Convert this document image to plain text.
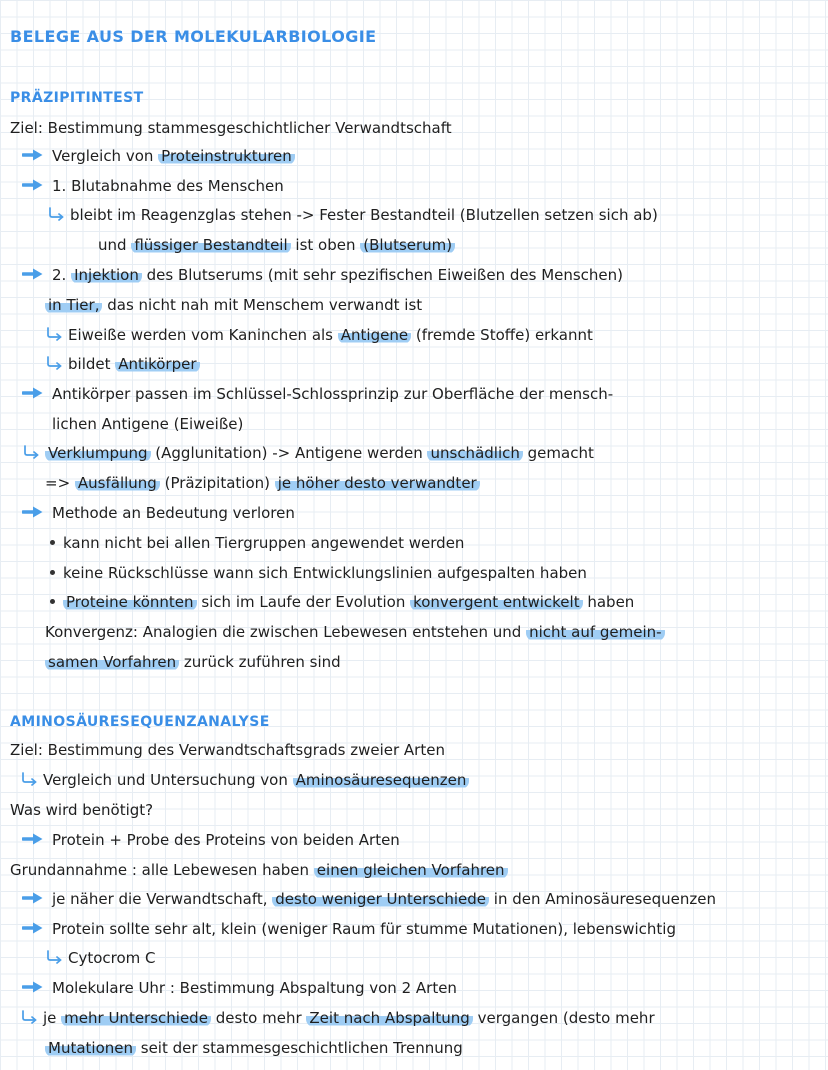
BELEGE AUS DER MOLEKULARBIOLOGIE
PRÄZIPITINTEST
Ziel: Bestimmung stammesgeschichtlicher Verwandtschaft
Vergleich von Proteinstrukturen
1. Blutabnahme des Menschen
bleibt im Reagenzglas stehen -> Fester Bestandteil (Blutzellen setzen sich ab)
und flüssiger Bestandteil ist oben (Blutserum)
2. Injektion des Blutserums (mit sehr spezifischen Eiweißen des Menschen)
in Tier, das nicht nah mit Menschem verwandt ist
Eiweiße werden vom Kaninchen als Antigene (fremde Stoffe) erkannt
bildet Antikörper
Antikörper passen im Schlüssel-Schlossprinzip zur Oberfläche der mensch-
lichen Antigene (Eiweiße)
Verklumpung (Agglunitation) -> Antigene werden unschädlich gemacht
=> Ausfällung (Präzipitation) je höher desto verwandter
Methode an Bedeutung verloren
kann nicht bei allen Tiergruppen angewendet werden
keine Rückschlüsse wann sich Entwicklungslinien aufgespalten haben
Proteine könnten sich im Laufe der Evolution konvergent entwickelt haben
Konvergenz: Analogien die zwischen Lebewesen entstehen und nicht auf gemein-
samen Vorfahren zurück zuführen sind
AMINOSÄURESEQUENZANALYSE
Ziel: Bestimmung des Verwandtschaftsgrads zweier Arten
Vergleich und Untersuchung von Aminosäuresequenzen
Was wird benötigt?
Protein + Probe des Proteins von beiden Arten
Grundannahme : alle Lebewesen haben einen gleichen Vorfahren
je näher die Verwandtschaft, desto weniger Unterschiede in den Aminosäuresequenzen
Protein sollte sehr alt, klein (weniger Raum für stumme Mutationen), lebenswichtig
Cytocrom C
Molekulare Uhr : Bestimmung Abspaltung von 2 Arten
je mehr Unterschiede desto mehr Zeit nach Abspaltung vergangen (desto mehr
Mutationen seit der stammesgeschichtlichen Trennung
